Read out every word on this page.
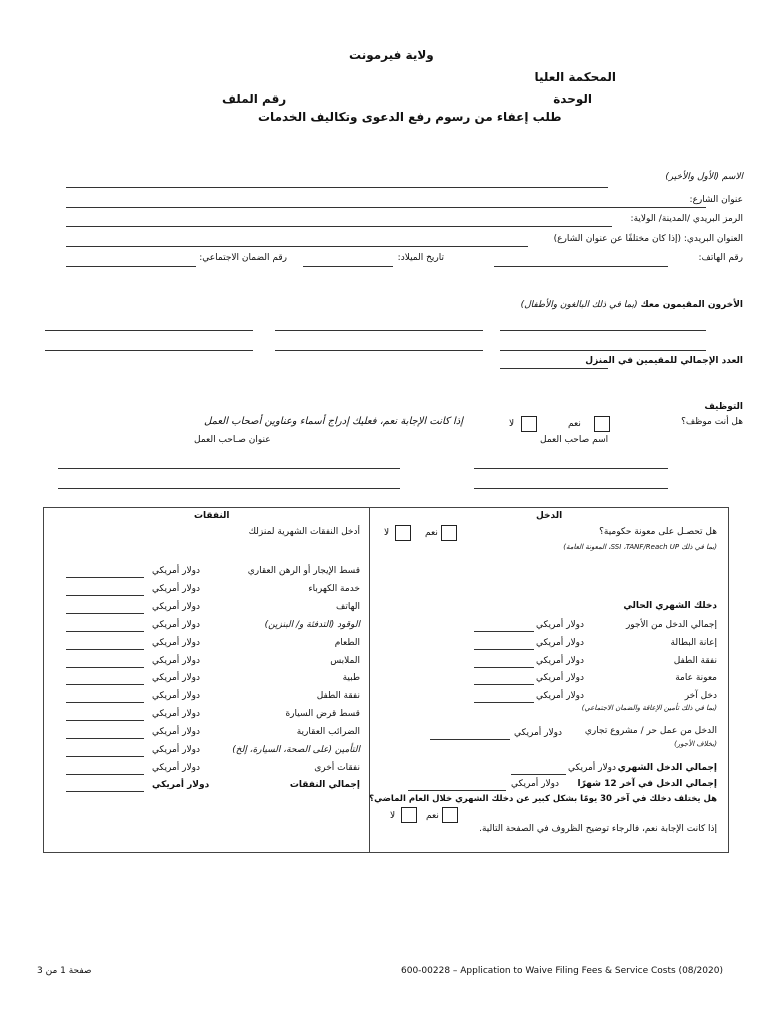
ولاية فيرمونت
المحكمة العليا
الوحدة
رقم الملف
طلب إعفاء من رسوم رفع الدعوى وتكاليف الخدمات
الاسم (الأول والأخير)
عنوان الشارع:
الرمز البريدي /المدينة/ الولاية:
العنوان البريدي: (إذا كان مختلفًا عن عنوان الشارع)
رقم الهاتف:
تاريخ الميلاد:
رقم الضمان الاجتماعي:
الأخرون المقيمون معك (بما في ذلك البالغون والأطفال)
العدد الإجمالي للمقيمين في المنزل
التوظيف
هل أنت موظف؟
نعم
لا
إذا كانت الإجابة نعم، فعليك إدراج أسماء وعناوين أصحاب العمل
اسم صاحب العمل
عنوان صـاحب العمل
الدخل
هل تحصـل على معونة حكومية؟
(بما في ذلك SSI ،TANF/Reach UP، المعونة العامة)
نعم
لا
دخلك الشهري الحالي
إجمالي الدخل من الأجور
دولار أمريكي
إعانة البطالة
دولار أمريكي
نفقة الطفل
دولار أمريكي
معونة عامة
دولار أمريكي
دخل آخر
دولار أمريكي
(بما في ذلك تأمين الإعاقة والضمان الاجتماعي)
الدخل من عمل حر / مشروع تجاري
(بخلاف الأجور)
دولار أمريكي
إجمالي الدخل الشهري
دولار أمريكي
إجمالي الدخل في آخر 12 شهرًا
دولار أمريكي
هل يختلف دخلك في آخر 30 يومًا بشكل كبير عن دخلك الشهري خلال العام الماضي؟
نعم
لا
إذا كانت الإجابة نعم، فالرجاء توضيح الظروف في الصفحة التالية.
النفقات
أدخل النفقات الشهرية لمنزلك
قسط الإيجار أو الرهن العقاري
دولار أمريكي
خدمة الكهرباء
دولار أمريكي
الهاتف
دولار أمريكي
الوقود (التدفئة و/ البنزين)
دولار أمريكي
الطعام
دولار أمريكي
الملابس
دولار أمريكي
طبية
دولار أمريكي
نفقة الطفل
دولار أمريكي
قسط قرض السيارة
دولار أمريكي
الضرائب العقارية
دولار أمريكي
التأمين (على الصحة، السيارة، إلخ)
دولار أمريكي
نفقات أخرى
دولار أمريكي
إجمالي النفقات
دولار أمريكي
600-00228 – Application to Waive Filing Fees & Service Costs (08/2020)
صفحة 1 من 3
